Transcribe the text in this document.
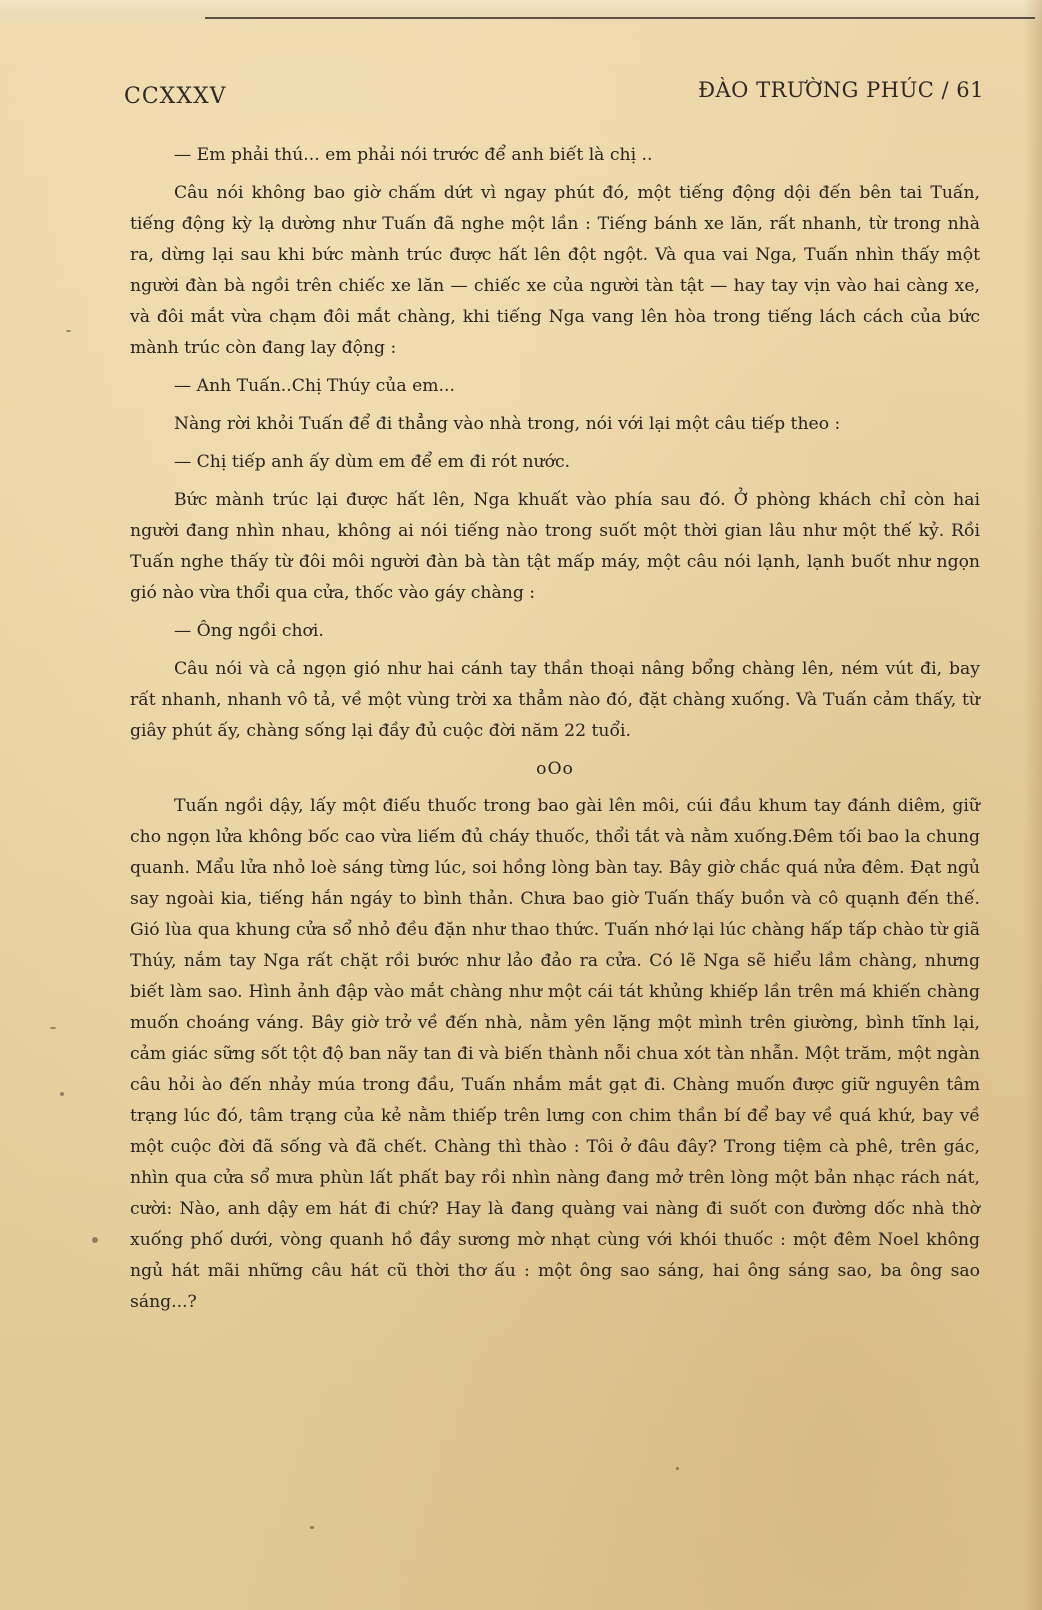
CCXXXV	ĐÀO TRƯỜNG PHÚC / 61

— Em phải thú... em phải nói trước để anh biết là chị ..

Câu nói không bao giờ chấm dứt vì ngay phút đó, một tiếng động dội đến bên tai Tuấn, tiếng động kỳ lạ dường như Tuấn đã nghe một lần : Tiếng bánh xe lăn, rất nhanh, từ trong nhà ra, dừng lại sau khi bức mành trúc được hất lên đột ngột. Và qua vai Nga, Tuấn nhìn thấy một người đàn bà ngồi trên chiếc xe lăn — chiếc xe của người tàn tật — hay tay vịn vào hai càng xe, và đôi mắt vừa chạm đôi mắt chàng, khi tiếng Nga vang lên hòa trong tiếng lách cách của bức mành trúc còn đang lay động :

— Anh Tuấn..Chị Thúy của em...

Nàng rời khỏi Tuấn để đi thẳng vào nhà trong, nói với lại một câu tiếp theo :

— Chị tiếp anh ấy dùm em để em đi rót nước.

Bức mành trúc lại được hất lên, Nga khuất vào phía sau đó. Ở phòng khách chỉ còn hai người đang nhìn nhau, không ai nói tiếng nào trong suốt một thời gian lâu như một thế kỷ. Rồi Tuấn nghe thấy từ đôi môi người đàn bà tàn tật mấp máy, một câu nói lạnh, lạnh buốt như ngọn gió nào vừa thổi qua cửa, thốc vào gáy chàng :

— Ông ngồi chơi.

Câu nói và cả ngọn gió như hai cánh tay thần thoại nâng bổng chàng lên, ném vút đi, bay rất nhanh, nhanh vô tả, về một vùng trời xa thẳm nào đó, đặt chàng xuống. Và Tuấn cảm thấy, từ giây phút ấy, chàng sống lại đầy đủ cuộc đời năm 22 tuổi.

oOo

Tuấn ngồi dậy, lấy một điếu thuốc trong bao gài lên môi, cúi đầu khum tay đánh diêm, giữ cho ngọn lửa không bốc cao vừa liếm đủ cháy thuốc, thổi tắt và nằm xuống.Đêm tối bao la chung quanh. Mẩu lửa nhỏ loè sáng từng lúc, soi hồng lòng bàn tay. Bây giờ chắc quá nửa đêm. Đạt ngủ say ngoài kia, tiếng hắn ngáy to bình thản. Chưa bao giờ Tuấn thấy buồn và cô quạnh đến thế. Gió lùa qua khung cửa sổ nhỏ đều đặn như thao thức. Tuấn nhớ lại lúc chàng hấp tấp chào từ giã Thúy, nắm tay Nga rất chặt rồi bước như lảo đảo ra cửa. Có lẽ Nga sẽ hiểu lầm chàng, nhưng biết làm sao. Hình ảnh đập vào mắt chàng như một cái tát khủng khiếp lần trên má khiến chàng muốn choáng váng. Bây giờ trở về đến nhà, nằm yên lặng một mình trên giường, bình tĩnh lại, cảm giác sững sốt tột độ ban nãy tan đi và biến thành nỗi chua xót tàn nhẫn. Một trăm, một ngàn câu hỏi ào đến nhảy múa trong đầu, Tuấn nhắm mắt gạt đi. Chàng muốn được giữ nguyên tâm trạng lúc đó, tâm trạng của kẻ nằm thiếp trên lưng con chim thần bí để bay về quá khứ, bay về một cuộc đời đã sống và đã chết. Chàng thì thào : Tôi ở đâu đây? Trong tiệm cà phê, trên gác, nhìn qua cửa sổ mưa phùn lất phất bay rồi nhìn nàng đang mở trên lòng một bản nhạc rách nát, cười: Nào, anh dậy em hát đi chứ? Hay là đang quàng vai nàng đi suốt con đường dốc nhà thờ xuống phố dưới, vòng quanh hồ đầy sương mờ nhạt cùng với khói thuốc : một đêm Noel không ngủ hát mãi những câu hát cũ thời thơ ấu : một ông sao sáng, hai ông sáng sao, ba ông sao sáng...?
